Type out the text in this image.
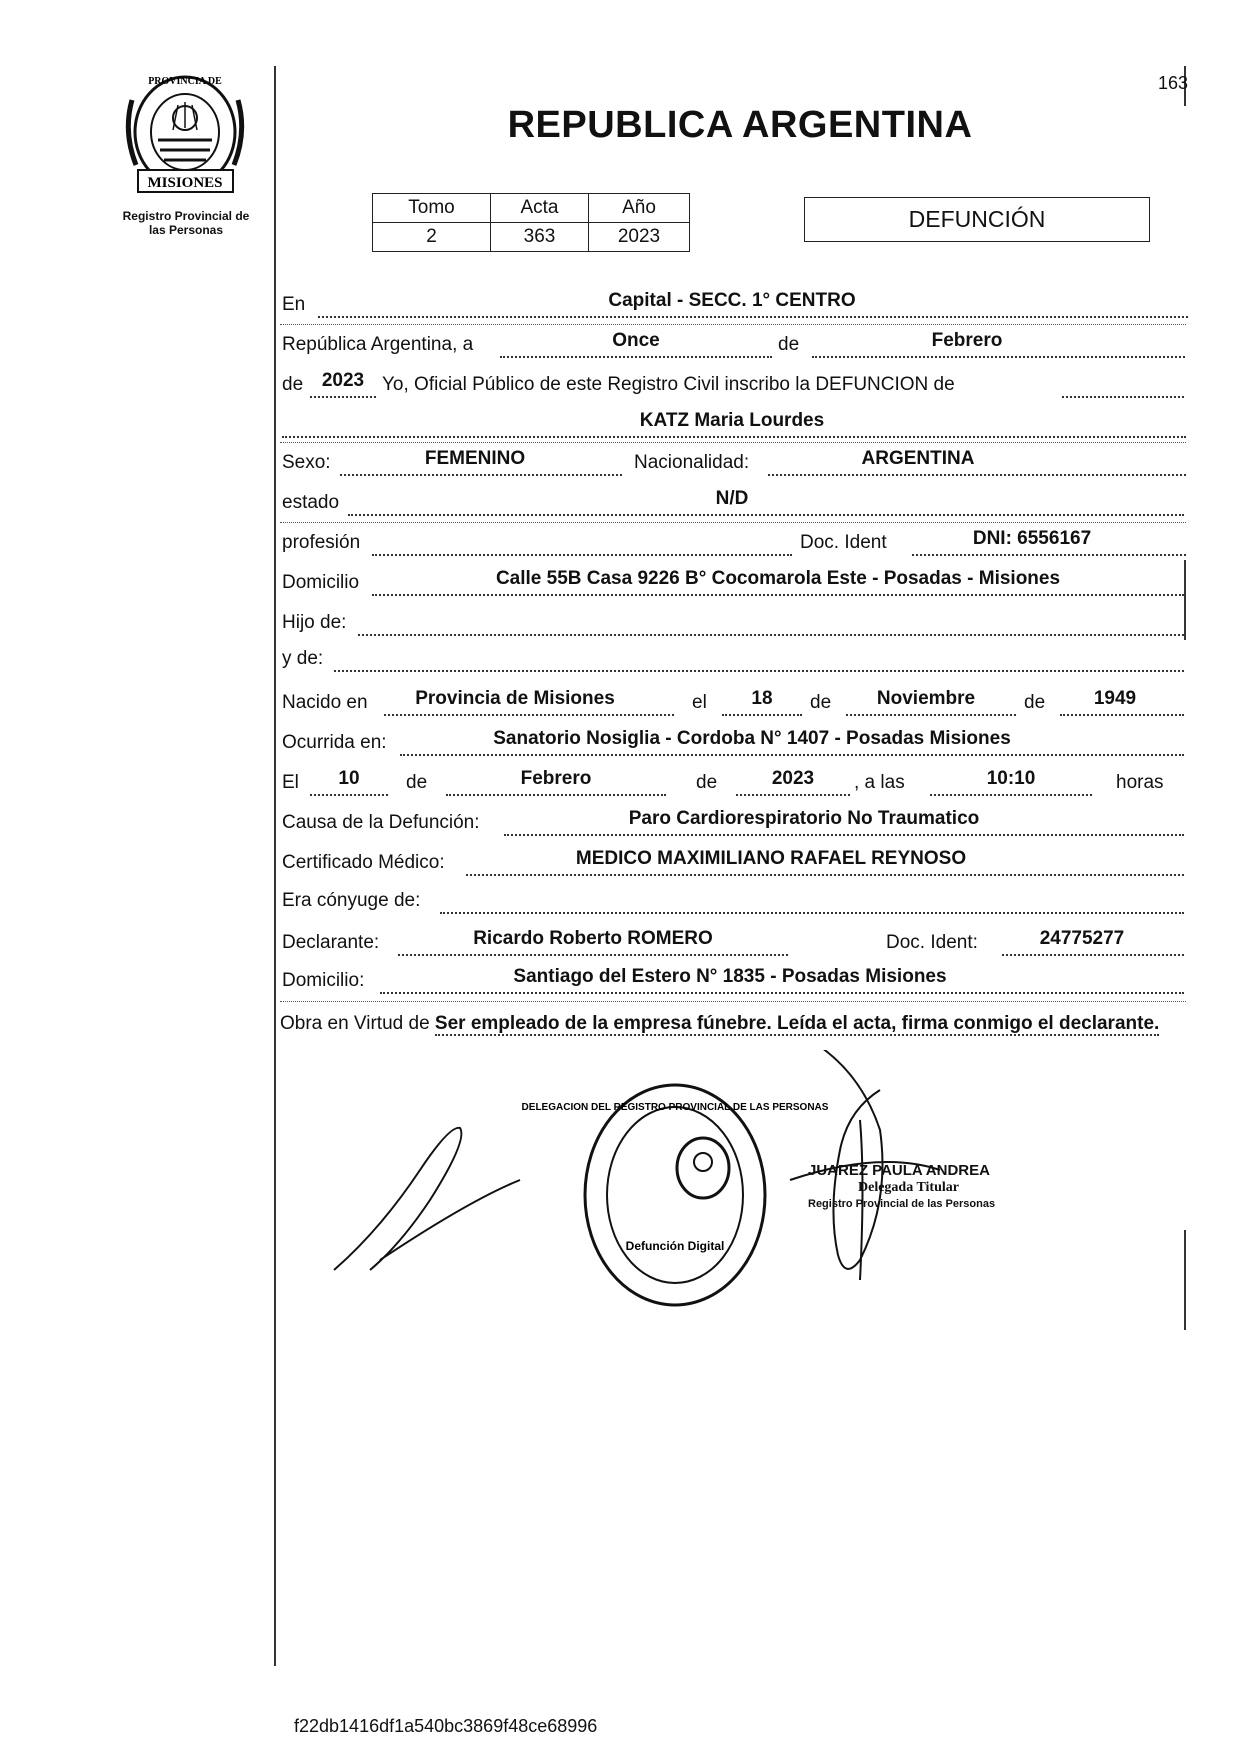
MISIONES
PROVINCIA DE
Registro Provincial de
las Personas
163
REPUBLICA ARGENTINA
Tomo	Acta	Año
2	363	2023
DEFUNCIÓN
En	Capital - SECC. 1° CENTRO
República Argentina, a	Once	de	Febrero
de 2023 Yo, Oficial Público de este Registro Civil inscribo la DEFUNCION de
KATZ Maria Lourdes
Sexo:	FEMENINO	Nacionalidad:	ARGENTINA
estado	N/D
profesión	Doc. Ident	DNI: 6556167
Domicilio	Calle 55B Casa 9226 B° Cocomarola Este - Posadas - Misiones
Hijo de:
y de:
Nacido en	Provincia de Misiones	el	18	de	Noviembre	de	1949
Ocurrida en:	Sanatorio Nosiglia - Cordoba N° 1407 - Posadas Misiones
El	10	de	Febrero	de	2023	, a las	10:10	horas
Causa de la Defunción:	Paro Cardiorespiratorio No Traumatico
Certificado Médico:	MEDICO MAXIMILIANO RAFAEL REYNOSO
Era cónyuge de:
Declarante:	Ricardo Roberto ROMERO	Doc. Ident:	24775277
Domicilio:	Santiago del Estero N° 1835 - Posadas Misiones
Obra en Virtud de Ser empleado de la empresa fúnebre. Leída el acta, firma conmigo el declarante.
DELEGACION DEL REGISTRO PROVINCIAL DE LAS PERSONAS
Defunción Digital
JUAREZ PAULA ANDREA
Delegada Titular
Registro Provincial de las Personas
f22db1416df1a540bc3869f48ce68996
